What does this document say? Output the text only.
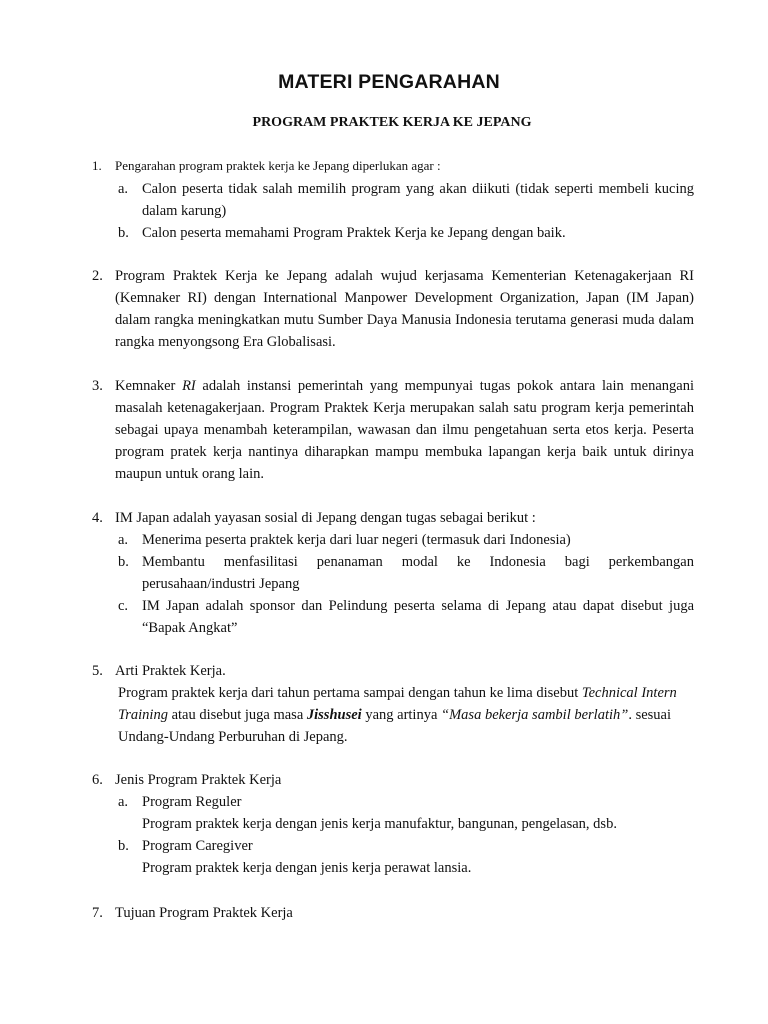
MATERI PENGARAHAN
PROGRAM PRAKTEK KERJA KE JEPANG
1. Pengarahan program praktek kerja ke Jepang diperlukan agar :
a. Calon peserta tidak salah memilih program yang akan diikuti (tidak seperti membeli kucing dalam karung)
b. Calon peserta memahami Program Praktek Kerja ke Jepang dengan baik.
2. Program Praktek Kerja ke Jepang adalah wujud kerjasama Kementerian Ketenagakerjaan RI (Kemnaker RI) dengan International Manpower Development Organization, Japan (IM Japan) dalam rangka meningkatkan mutu Sumber Daya Manusia Indonesia terutama generasi muda dalam rangka menyongsong Era Globalisasi.
3. Kemnaker RI adalah instansi pemerintah yang mempunyai tugas pokok antara lain menangani masalah ketenagakerjaan. Program Praktek Kerja merupakan salah satu program kerja pemerintah sebagai upaya menambah keterampilan, wawasan dan ilmu pengetahuan serta etos kerja. Peserta program pratek kerja nantinya diharapkan mampu membuka lapangan kerja baik untuk dirinya maupun untuk orang lain.
4. IM Japan adalah yayasan sosial di Jepang dengan tugas sebagai berikut :
a. Menerima peserta praktek kerja dari luar negeri (termasuk dari Indonesia)
b. Membantu menfasilitasi penanaman modal ke Indonesia bagi perkembangan perusahaan/industri Jepang
c. IM Japan adalah sponsor dan Pelindung peserta selama di Jepang atau dapat disebut juga “Bapak Angkat”
5. Arti Praktek Kerja.
Program praktek kerja dari tahun pertama sampai dengan tahun ke lima disebut Technical Intern Training atau disebut juga masa Jisshusei yang artinya “Masa bekerja sambil berlatih”. sesuai Undang-Undang Perburuhan di Jepang.
6. Jenis Program Praktek Kerja
a. Program Reguler
Program praktek kerja dengan jenis kerja manufaktur, bangunan, pengelasan, dsb.
b. Program Caregiver
Program praktek kerja dengan jenis kerja perawat lansia.
7. Tujuan Program Praktek Kerja
